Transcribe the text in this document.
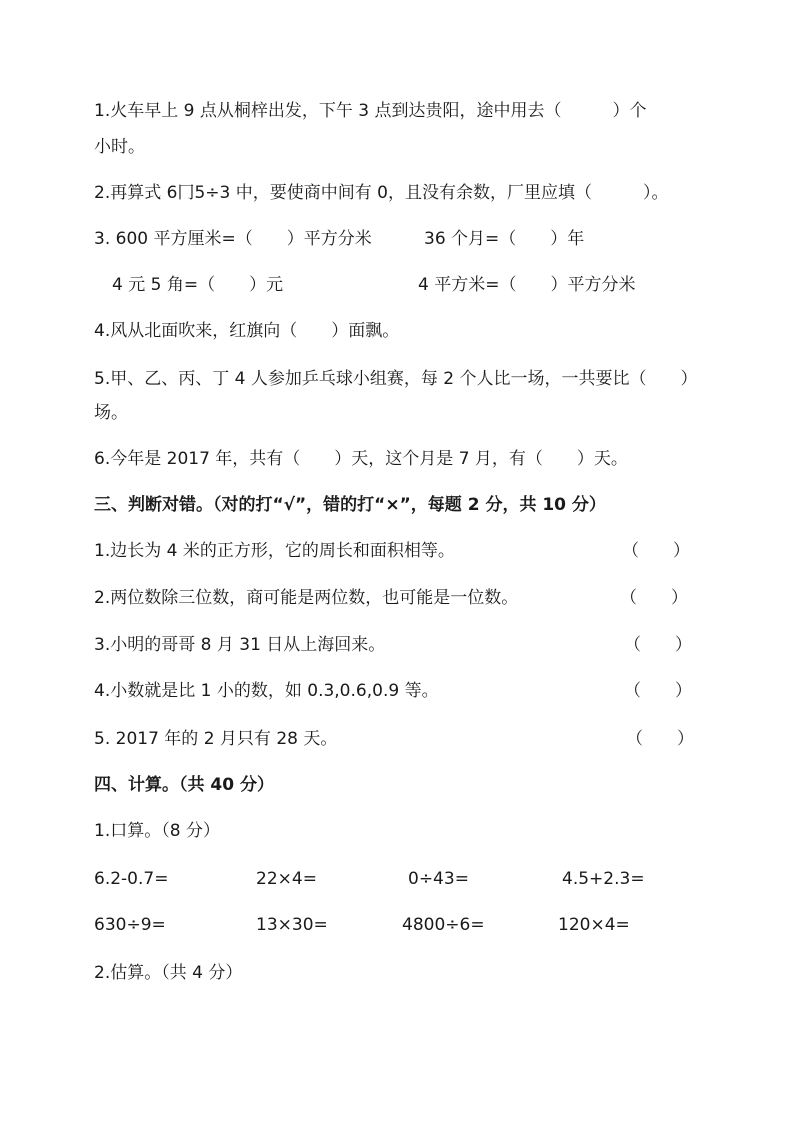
1.火车早上 9 点从桐梓出发，下午 3 点到达贵阳，途中用去（　　　）个
小时。
2.再算式 6冂5÷3 中，要使商中间有 0，且没有余数，厂里应填（　　　）。
3. 600 平方厘米=（　　）平方分米	36 个月=（　　）年
4 元 5 角=（　　）元	4 平方米=（　　）平方分米
4.风从北面吹来，红旗向（　　）面飘。
5.甲、乙、丙、丁 4 人参加乒乓球小组赛，每 2 个人比一场，一共要比（　　）
场。
6.今年是 2017 年，共有（　　）天，这个月是 7 月，有（　　）天。
三、判断对错。（对的打“√”，错的打“×”，每题 2 分，共 10 分）
1.边长为 4 米的正方形，它的周长和面积相等。	（　　）
2.两位数除三位数，商可能是两位数，也可能是一位数。	（　　）
3.小明的哥哥 8 月 31 日从上海回来。	（　　）
4.小数就是比 1 小的数，如 0.3,0.6,0.9 等。	（　　）
5. 2017 年的 2 月只有 28 天。	（　　）
四、计算。（共 40 分）
1.口算。（8 分）
6.2-0.7=	22×4=	0÷43=	4.5+2.3=
630÷9=	13×30=	4800÷6=	120×4=
2.估算。（共 4 分）
